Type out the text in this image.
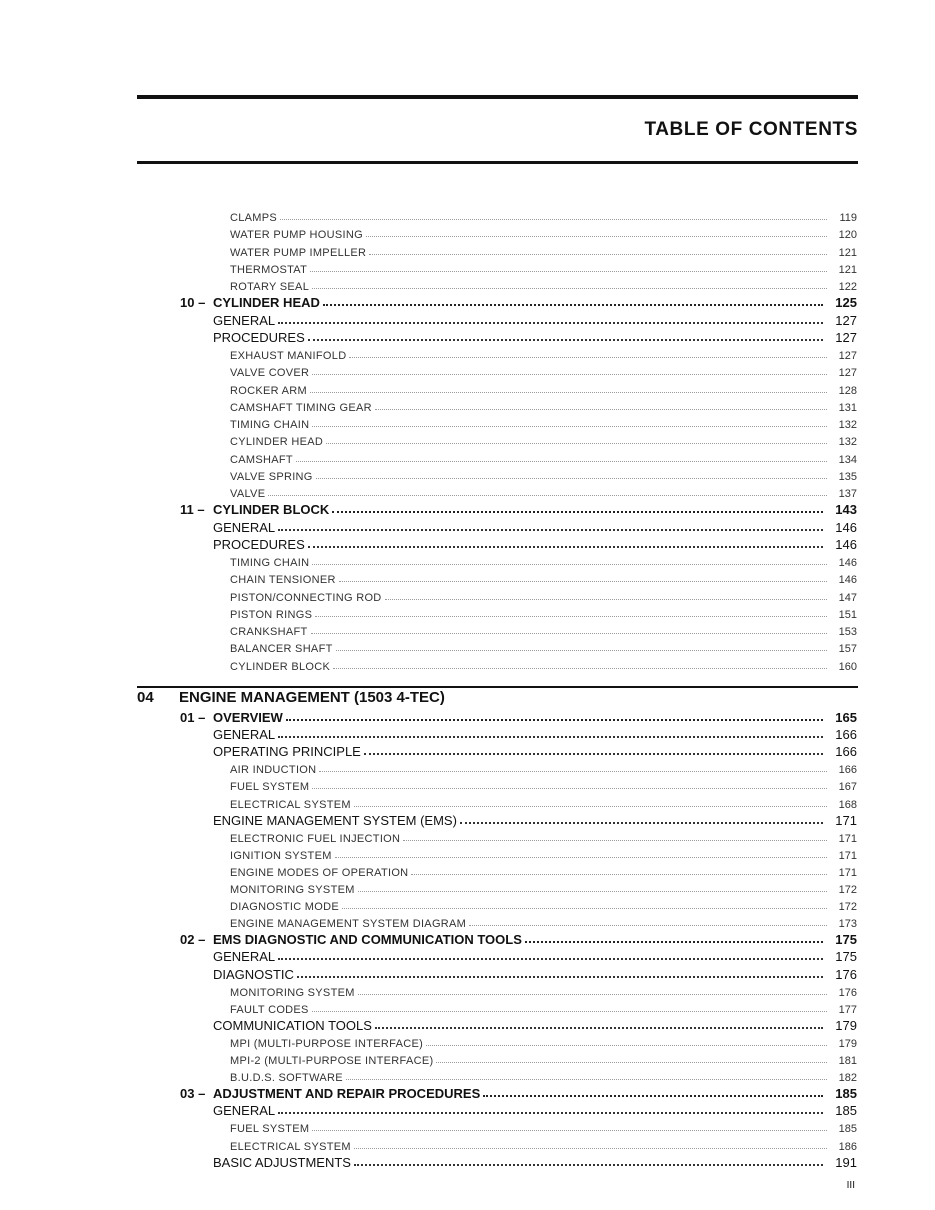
TABLE OF CONTENTS
CLAMPS	119
WATER PUMP HOUSING	120
WATER PUMP IMPELLER	121
THERMOSTAT	121
ROTARY SEAL	122
10 – CYLINDER HEAD	125
GENERAL	127
PROCEDURES	127
EXHAUST MANIFOLD	127
VALVE COVER	127
ROCKER ARM	128
CAMSHAFT TIMING GEAR	131
TIMING CHAIN	132
CYLINDER HEAD	132
CAMSHAFT	134
VALVE SPRING	135
VALVE	137
11 – CYLINDER BLOCK	143
GENERAL	146
PROCEDURES	146
TIMING CHAIN	146
CHAIN TENSIONER	146
PISTON/CONNECTING ROD	147
PISTON RINGS	151
CRANKSHAFT	153
BALANCER SHAFT	157
CYLINDER BLOCK	160
04	ENGINE MANAGEMENT (1503 4-TEC)
01 – OVERVIEW	165
GENERAL	166
OPERATING PRINCIPLE	166
AIR INDUCTION	166
FUEL SYSTEM	167
ELECTRICAL SYSTEM	168
ENGINE MANAGEMENT SYSTEM (EMS)	171
ELECTRONIC FUEL INJECTION	171
IGNITION SYSTEM	171
ENGINE MODES OF OPERATION	171
MONITORING SYSTEM	172
DIAGNOSTIC MODE	172
ENGINE MANAGEMENT SYSTEM DIAGRAM	173
02 – EMS DIAGNOSTIC AND COMMUNICATION TOOLS	175
GENERAL	175
DIAGNOSTIC	176
MONITORING SYSTEM	176
FAULT CODES	177
COMMUNICATION TOOLS	179
MPI (MULTI-PURPOSE INTERFACE)	179
MPI-2 (MULTI-PURPOSE INTERFACE)	181
B.U.D.S. SOFTWARE	182
03 – ADJUSTMENT AND REPAIR PROCEDURES	185
GENERAL	185
FUEL SYSTEM	185
ELECTRICAL SYSTEM	186
BASIC ADJUSTMENTS	191
III
